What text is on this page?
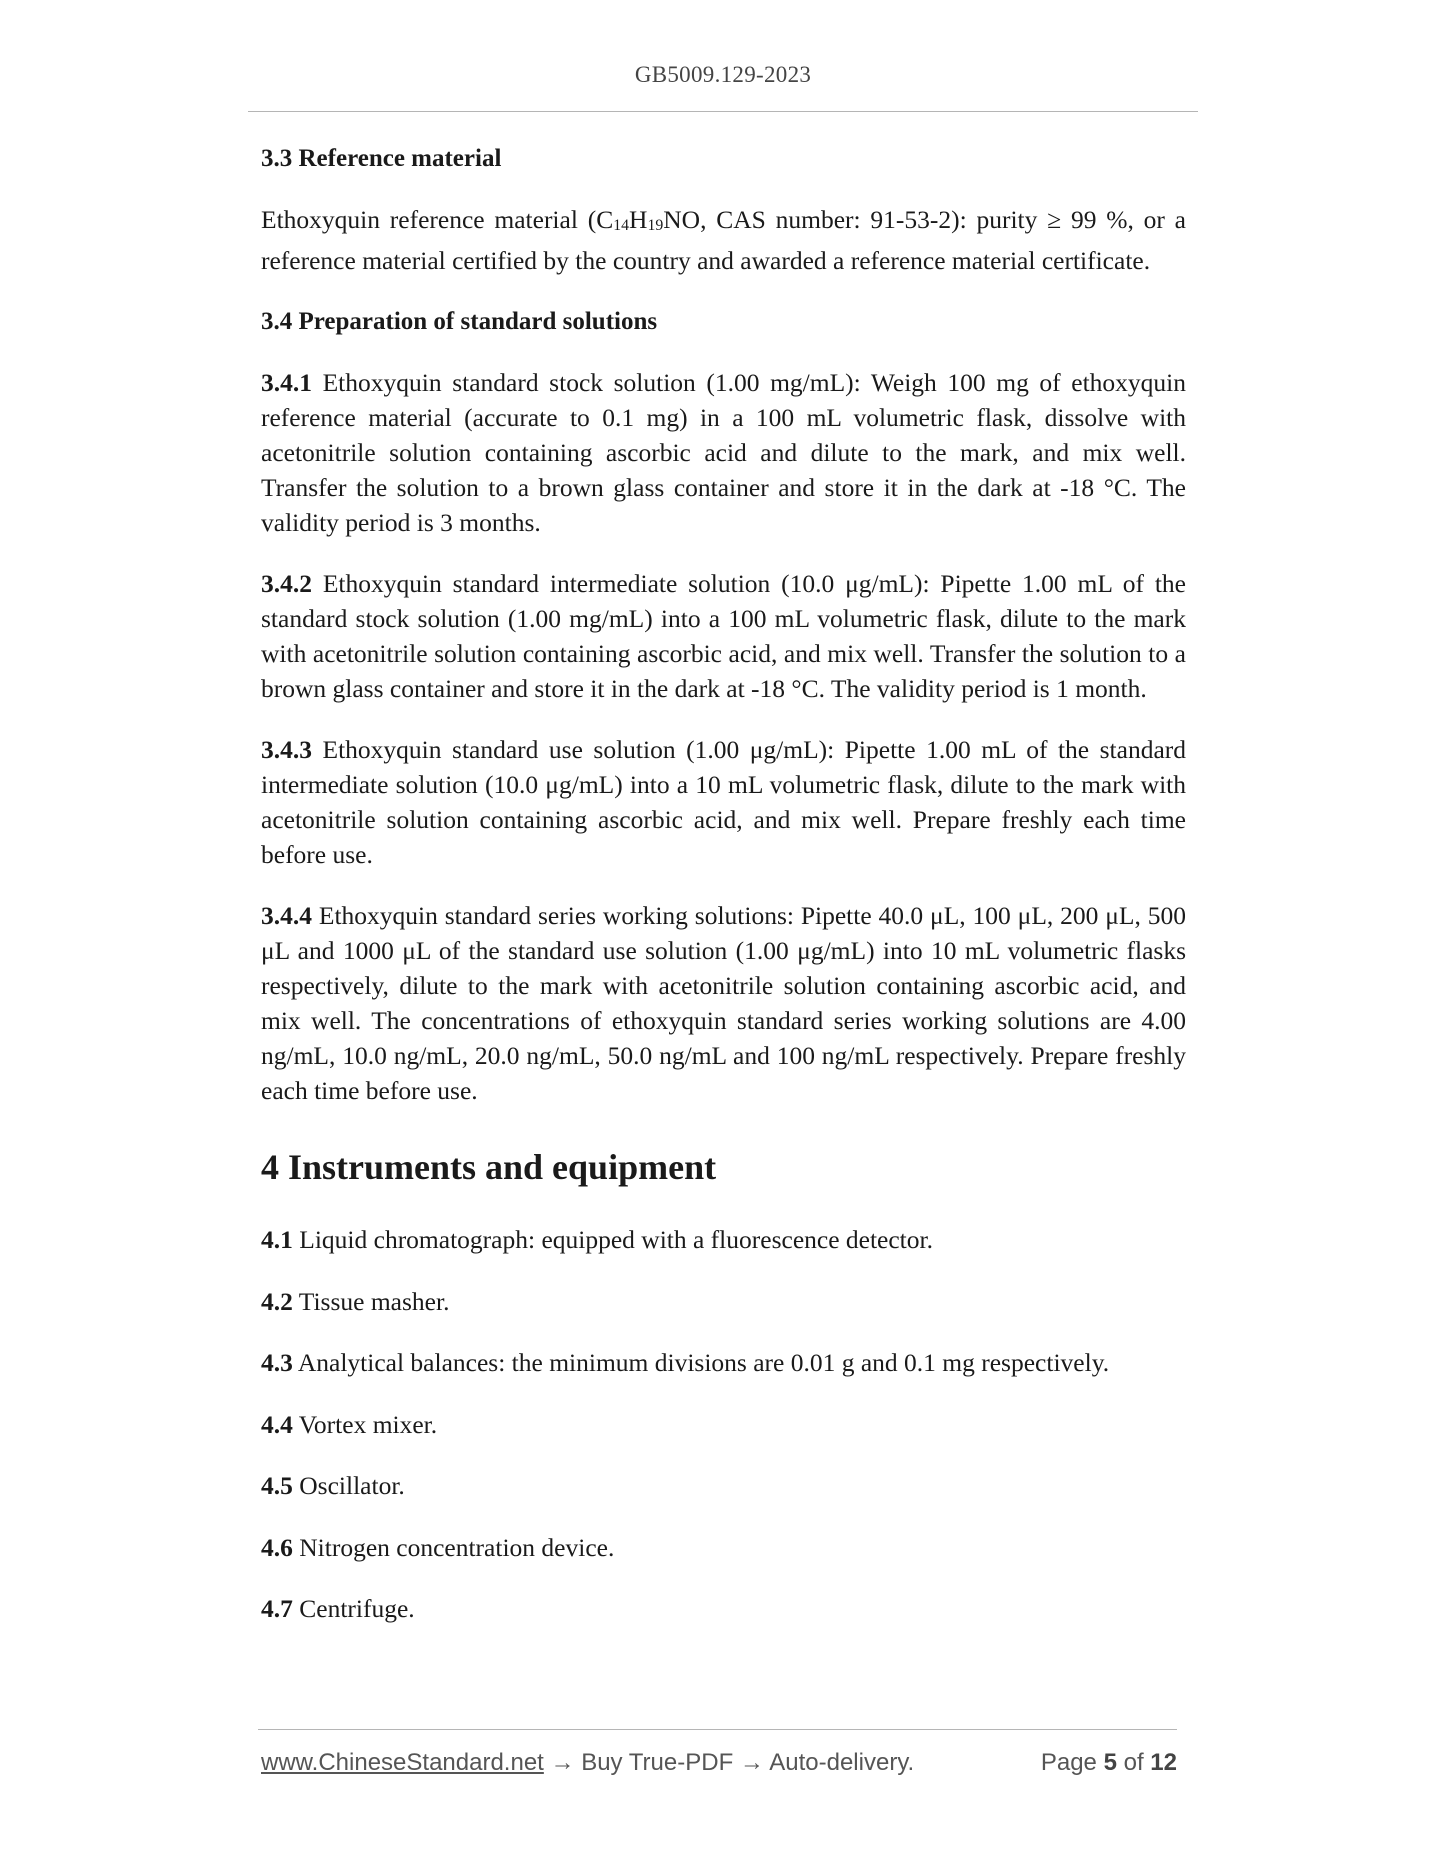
GB5009.129-2023
3.3 Reference material

Ethoxyquin reference material ($C_{14}H_{19}NO$, CAS number: 91-53-2): purity ≥ 99 %, or a reference material certified by the country and awarded a reference material certificate.

3.4 Preparation of standard solutions

3.4.1 Ethoxyquin standard stock solution (1.00 mg/mL): Weigh 100 mg of ethoxyquin reference material (accurate to 0.1 mg) in a 100 mL volumetric flask, dissolve with acetonitrile solution containing ascorbic acid and dilute to the mark, and mix well. Transfer the solution to a brown glass container and store it in the dark at -18 °C. The validity period is 3 months.

3.4.2 Ethoxyquin standard intermediate solution (10.0 μg/mL): Pipette 1.00 mL of the standard stock solution (1.00 mg/mL) into a 100 mL volumetric flask, dilute to the mark with acetonitrile solution containing ascorbic acid, and mix well. Transfer the solution to a brown glass container and store it in the dark at -18 °C. The validity period is 1 month.

3.4.3 Ethoxyquin standard use solution (1.00 μg/mL): Pipette 1.00 mL of the standard intermediate solution (10.0 μg/mL) into a 10 mL volumetric flask, dilute to the mark with acetonitrile solution containing ascorbic acid, and mix well. Prepare freshly each time before use.

3.4.4 Ethoxyquin standard series working solutions: Pipette 40.0 μL, 100 μL, 200 μL, 500 μL and 1000 μL of the standard use solution (1.00 μg/mL) into 10 mL volumetric flasks respectively, dilute to the mark with acetonitrile solution containing ascorbic acid, and mix well. The concentrations of ethoxyquin standard series working solutions are 4.00 ng/mL, 10.0 ng/mL, 20.0 ng/mL, 50.0 ng/mL and 100 ng/mL respectively. Prepare freshly each time before use.

4 Instruments and equipment
4.1 Liquid chromatograph: equipped with a fluorescence detector.
4.2 Tissue masher.
4.3 Analytical balances: the minimum divisions are 0.01 g and 0.1 mg respectively.
4.4 Vortex mixer.
4.5 Oscillator.
4.6 Nitrogen concentration device.
4.7 Centrifuge.
www.ChineseStandard.net → Buy True-PDF → Auto-delivery.	Page 5 of 12
